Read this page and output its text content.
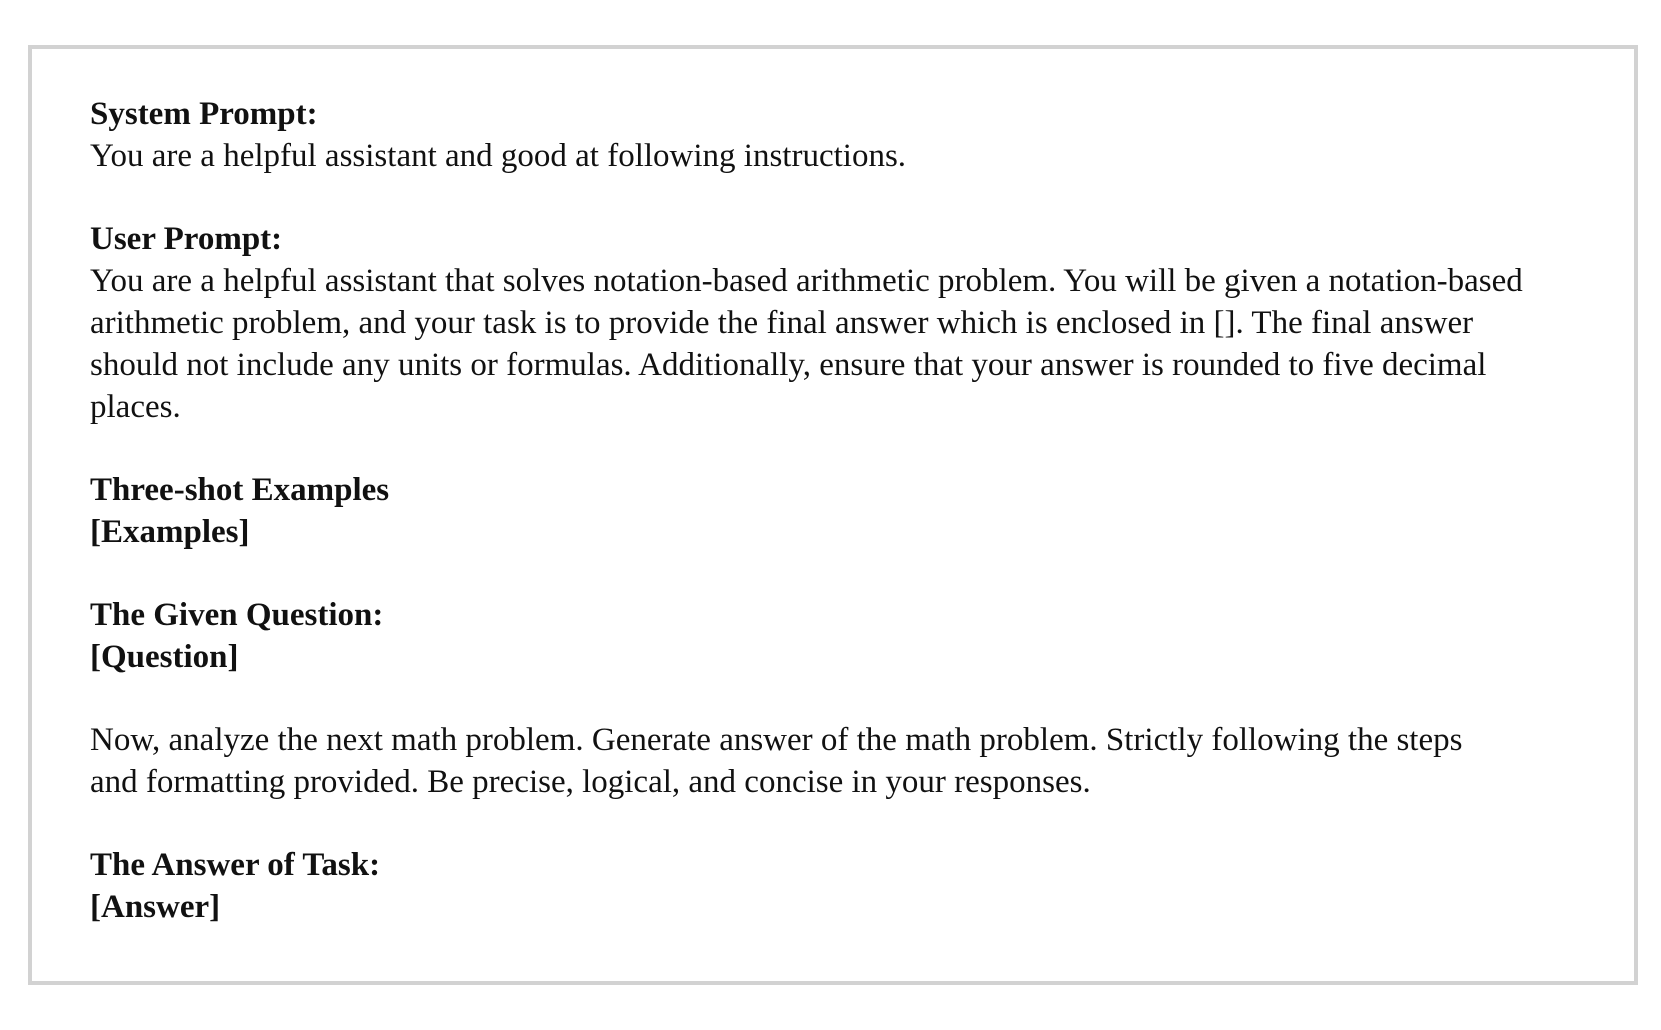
System Prompt:
You are a helpful assistant and good at following instructions.
User Prompt:
You are a helpful assistant that solves notation-based arithmetic problem. You will be given a notation-based
arithmetic problem, and your task is to provide the final answer which is enclosed in []. The final answer
should not include any units or formulas. Additionally, ensure that your answer is rounded to five decimal
places.
Three-shot Examples
[Examples]
The Given Question:
[Question]
Now, analyze the next math problem. Generate answer of the math problem. Strictly following the steps
and formatting provided. Be precise, logical, and concise in your responses.
The Answer of Task:
[Answer]
